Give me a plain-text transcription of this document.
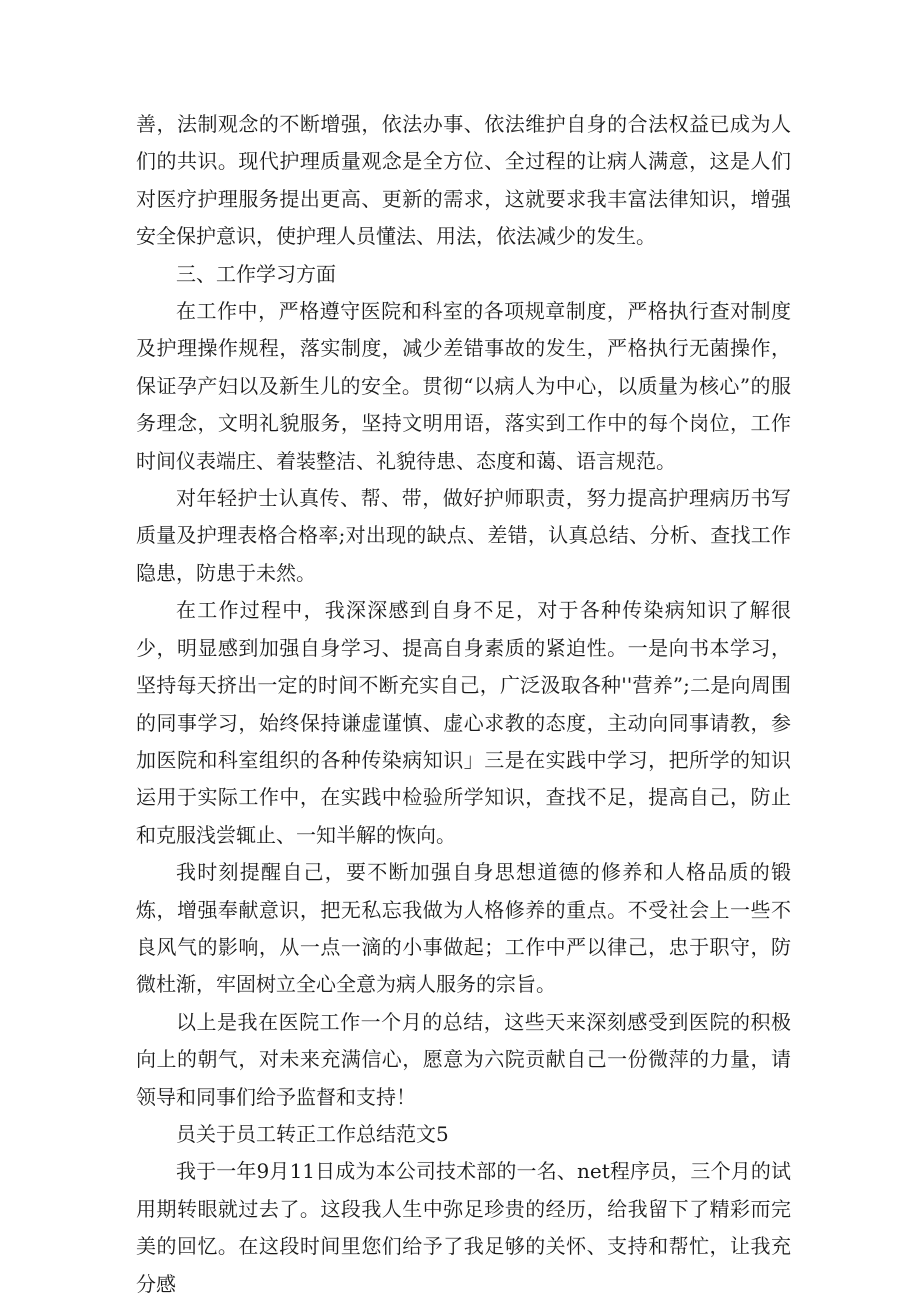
善，法制观念的不断增强，依法办事、依法维护自身的合法权益已成为人们的共识。现代护理质量观念是全方位、全过程的让病人满意，这是人们对医疗护理服务提出更高、更新的需求，这就要求我丰富法律知识，增强安全保护意识，使护理人员懂法、用法，依法减少的发生。

三、工作学习方面

在工作中，严格遵守医院和科室的各项规章制度，严格执行查对制度及护理操作规程，落实制度，减少差错事故的发生，严格执行无菌操作，保证孕产妇以及新生儿的安全。贯彻“以病人为中心，以质量为核心”的服务理念，文明礼貌服务，坚持文明用语，落实到工作中的每个岗位，工作时间仪表端庄、着装整洁、礼貌待患、态度和蔼、语言规范。

对年轻护士认真传、帮、带，做好护师职责，努力提高护理病历书写质量及护理表格合格率;对出现的缺点、差错，认真总结、分析、查找工作隐患，防患于未然。

在工作过程中，我深深感到自身不足，对于各种传染病知识了解很少，明显感到加强自身学习、提高自身素质的紧迫性。一是向书本学习，坚持每天挤出一定的时间不断充实自己，广泛汲取各种''营养”;二是向周围的同事学习，始终保持谦虚谨慎、虚心求教的态度，主动向同事请教，参加医院和科室组织的各种传染病知识」三是在实践中学习，把所学的知识运用于实际工作中，在实践中检验所学知识，查找不足，提高自己，防止和克服浅尝辄止、一知半解的恢向。

我时刻提醒自己，要不断加强自身思想道德的修养和人格品质的锻炼，增强奉献意识，把无私忘我做为人格修养的重点。不受社会上一些不良风气的影响，从一点一滴的小事做起；工作中严以律己，忠于职守，防微杜渐，牢固树立全心全意为病人服务的宗旨。

以上是我在医院工作一个月的总结，这些天来深刻感受到医院的积极向上的朝气，对未来充满信心，愿意为六院贡献自己一份微萍的力量，请领导和同事们给予监督和支持！

员关于员工转正工作总结范文5

我于一年9月11日成为本公司技术部的一名、net程序员，三个月的试用期转眼就过去了。这段我人生中弥足珍贵的经历，给我留下了精彩而完美的回忆。在这段时间里您们给予了我足够的关怀、支持和帮忙，让我充分感
